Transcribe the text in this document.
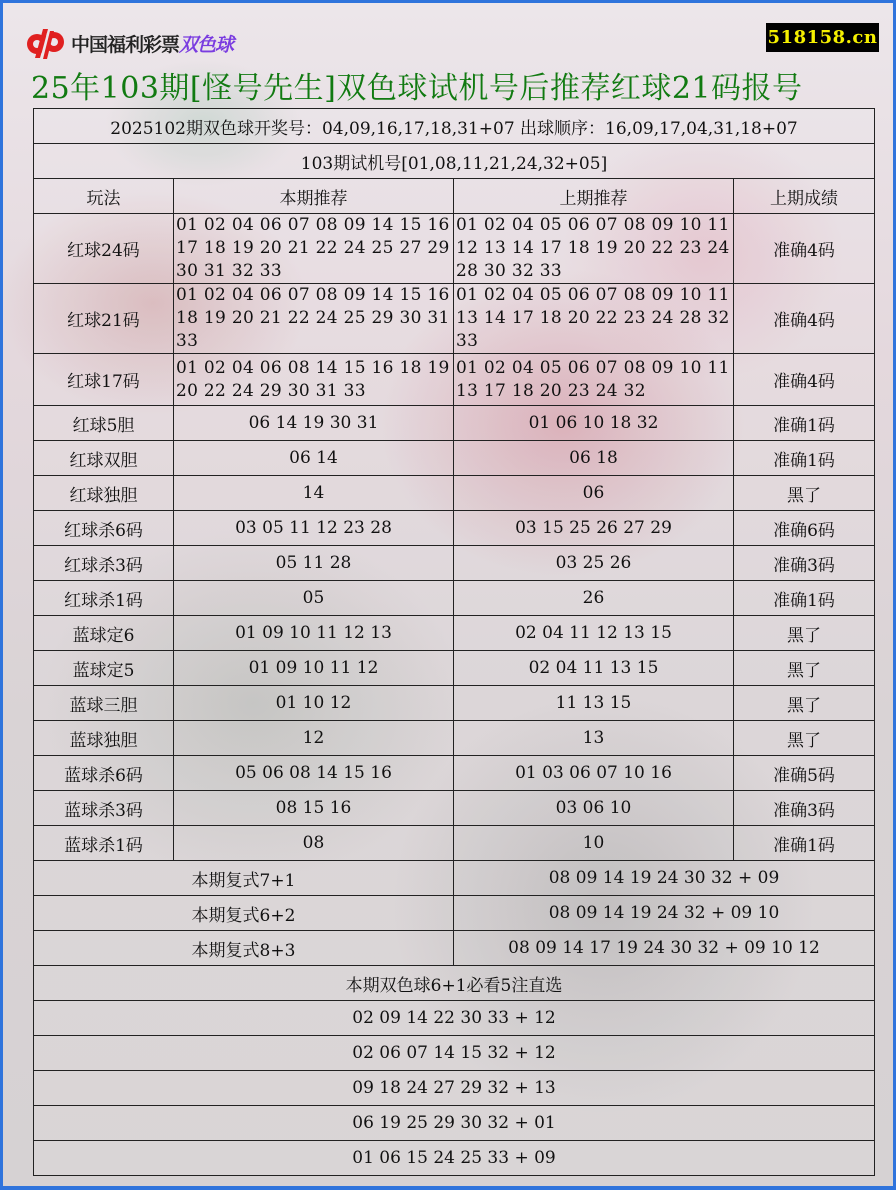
中国福利彩票双色球	518158.cn
25年103期[怪号先生]双色球试机号后推荐红球21码报号
2025102期双色球开奖号：04,09,16,17,18,31+07 出球顺序：16,09,17,04,31,18+07			
103期试机号[01,08,11,21,24,32+05]			
玩法	本期推荐	上期推荐	上期成绩
红球24码	01 02 04 06 07 08 09 14 15 16 17 18 19 20 21 22 24 25 27 29 30 31 32 33	01 02 04 05 06 07 08 09 10 11 12 13 14 17 18 19 20 22 23 24 28 30 32 33	准确4码
红球21码	01 02 04 06 07 08 09 14 15 16 18 19 20 21 22 24 25 29 30 31 33	01 02 04 05 06 07 08 09 10 11 13 14 17 18 20 22 23 24 28 32 33	准确4码
红球17码	01 02 04 06 08 14 15 16 18 19 20 22 24 29 30 31 33	01 02 04 05 06 07 08 09 10 11 13 17 18 20 23 24 32	准确4码
红球5胆	06 14 19 30 31	01 06 10 18 32	准确1码
红球双胆	06 14	06 18	准确1码
红球独胆	14	06	黑了
红球杀6码	03 05 11 12 23 28	03 15 25 26 27 29	准确6码
红球杀3码	05 11 28	03 25 26	准确3码
红球杀1码	05	26	准确1码
蓝球定6	01 09 10 11 12 13	02 04 11 12 13 15	黑了
蓝球定5	01 09 10 11 12	02 04 11 13 15	黑了
蓝球三胆	01 10 12	11 13 15	黑了
蓝球独胆	12	13	黑了
蓝球杀6码	05 06 08 14 15 16	01 03 06 07 10 16	准确5码
蓝球杀3码	08 15 16	03 06 10	准确3码
蓝球杀1码	08	10	准确1码
本期复式7+1		08 09 14 19 24 30 32 + 09	
本期复式6+2		08 09 14 19 24 32 + 09 10	
本期复式8+3		08 09 14 17 19 24 30 32 + 09 10 12	
本期双色球6+1必看5注直选			
02 09 14 22 30 33 + 12			
02 06 07 14 15 32 + 12			
09 18 24 27 29 32 + 13			
06 19 25 29 30 32 + 01			
01 06 15 24 25 33 + 09			
